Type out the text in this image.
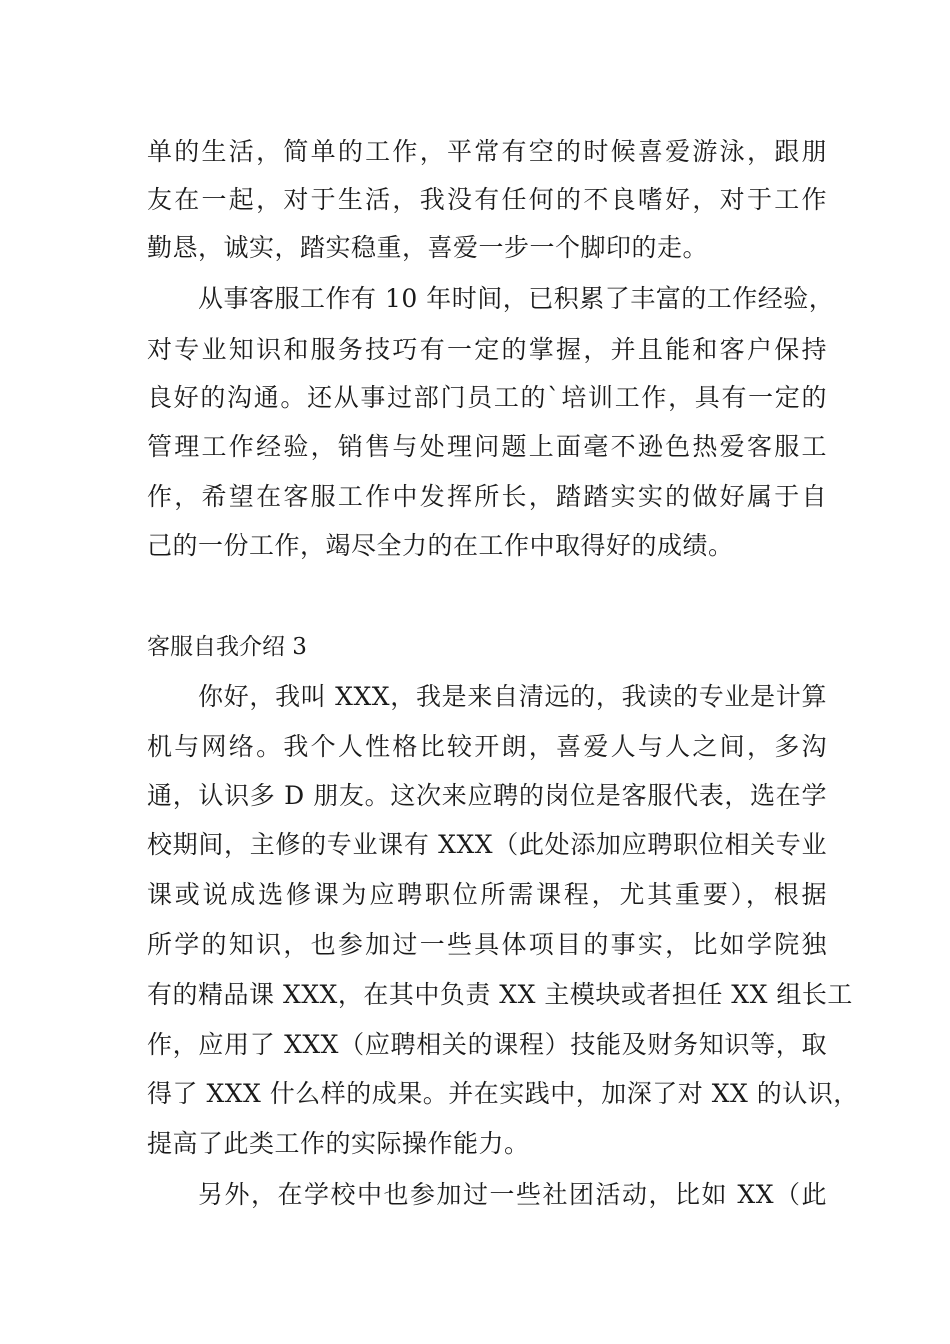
单的生活，简单的工作，平常有空的时候喜爱游泳，跟朋
友在一起，对于生活，我没有任何的不良嗜好，对于工作
勤恳，诚实，踏实稳重，喜爱一步一个脚印的走。
从事客服工作有 10 年时间，已积累了丰富的工作经验，
对专业知识和服务技巧有一定的掌握，并且能和客户保持
良好的沟通。还从事过部门员工的`培训工作，具有一定的
管理工作经验，销售与处理问题上面毫不逊色热爱客服工
作，希望在客服工作中发挥所长，踏踏实实的做好属于自
己的一份工作，竭尽全力的在工作中取得好的成绩。
客服自我介绍 3
你好，我叫 XXX，我是来自清远的，我读的专业是计算
机与网络。我个人性格比较开朗，喜爱人与人之间，多沟
通，认识多 D 朋友。这次来应聘的岗位是客服代表，选在学
校期间，主修的专业课有 XXX（此处添加应聘职位相关专业
课或说成选修课为应聘职位所需课程，尤其重要），根据
所学的知识，也参加过一些具体项目的事实，比如学院独
有的精品课 XXX，在其中负责 XX 主模块或者担任 XX 组长工
作，应用了 XXX（应聘相关的课程）技能及财务知识等，取
得了 XXX 什么样的成果。并在实践中，加深了对 XX 的认识，
提高了此类工作的实际操作能力。
另外，在学校中也参加过一些社团活动，比如 XX（此
